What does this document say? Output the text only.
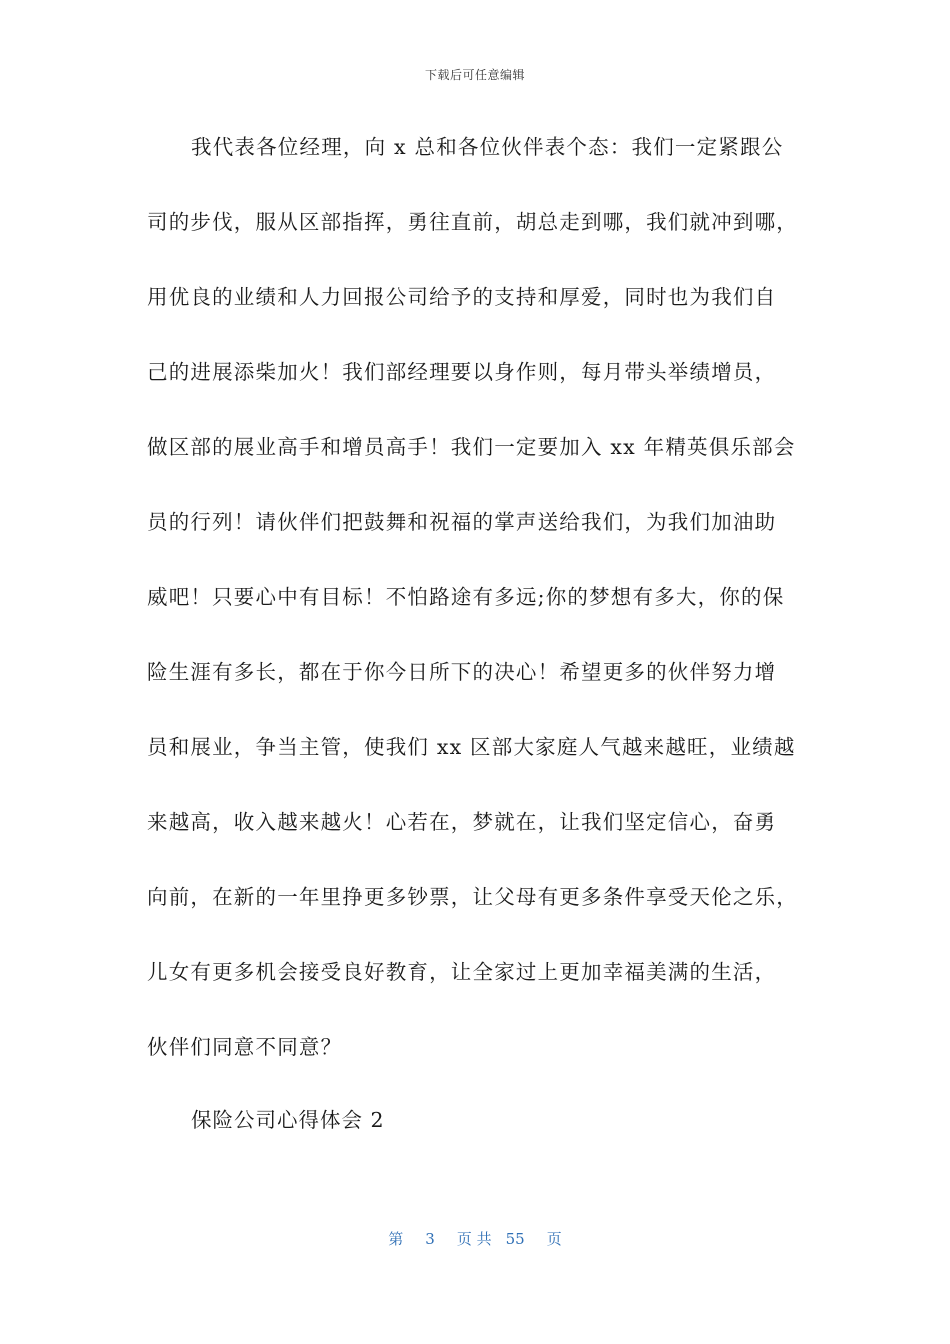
下载后可任意编辑
我代表各位经理，向 x 总和各位伙伴表个态：我们一定紧跟公
司的步伐，服从区部指挥，勇往直前，胡总走到哪，我们就冲到哪，
用优良的业绩和人力回报公司给予的支持和厚爱，同时也为我们自
己的进展添柴加火！我们部经理要以身作则，每月带头举绩增员，
做区部的展业高手和增员高手！我们一定要加入 xx 年精英俱乐部会
员的行列！请伙伴们把鼓舞和祝福的掌声送给我们，为我们加油助
威吧！只要心中有目标！不怕路途有多远;你的梦想有多大，你的保
险生涯有多长，都在于你今日所下的决心！希望更多的伙伴努力增
员和展业，争当主管，使我们 xx 区部大家庭人气越来越旺，业绩越
来越高，收入越来越火！心若在，梦就在，让我们坚定信心，奋勇
向前，在新的一年里挣更多钞票，让父母有更多条件享受天伦之乐，
儿女有更多机会接受良好教育，让全家过上更加幸福美满的生活，
伙伴们同意不同意？
保险公司心得体会 2
第 3 页 共 55 页
